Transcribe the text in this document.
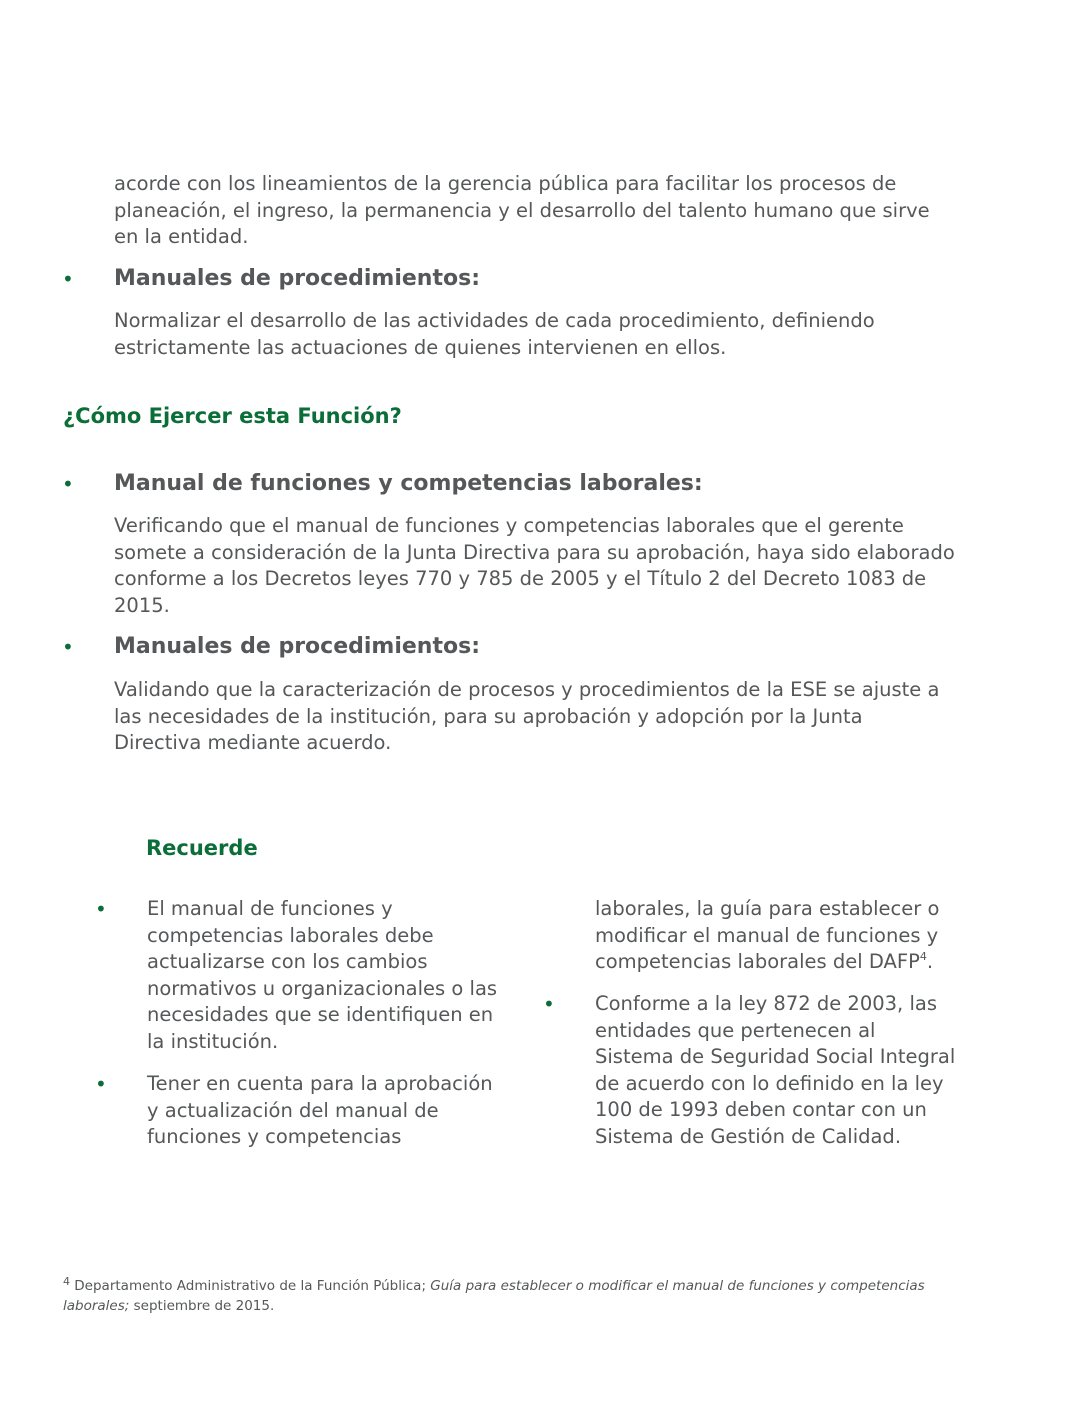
acorde con los lineamientos de la gerencia pública para facilitar los procesos de planeación, el ingreso, la permanencia y el desarrollo del talento humano que sirve en la entidad.

• Manuales de procedimientos:

Normalizar el desarrollo de las actividades de cada procedimiento, definiendo estrictamente las actuaciones de quienes intervienen en ellos.

¿Cómo Ejercer esta Función?
• Manual de funciones y competencias laborales:

Verificando que el manual de funciones y competencias laborales que el gerente somete a consideración de la Junta Directiva para su aprobación, haya sido elaborado conforme a los Decretos leyes 770 y 785 de 2005 y el Título 2 del Decreto 1083 de 2015.

• Manuales de procedimientos:

Validando que la caracterización de procesos y procedimientos de la ESE se ajuste a las necesidades de la institución, para su aprobación y adopción por la Junta Directiva mediante acuerdo.

Recuerde
• El manual de funciones y competencias laborales debe actualizarse con los cambios normativos u organizacionales o las necesidades que se identifiquen en la institución.

• Tener en cuenta para la aprobación y actualización del manual de funciones y competencias

laborales, la guía para establecer o modificar el manual de funciones y competencias laborales del DAFP$^4$.

• Conforme a la ley 872 de 2003, las entidades que pertenecen al Sistema de Seguridad Social Integral de acuerdo con lo definido en la ley 100 de 1993 deben contar con un Sistema de Gestión de Calidad.

$^4$ Departamento Administrativo de la Función Pública; Guía para establecer o modificar el manual de funciones y competencias laborales; septiembre de 2015.
